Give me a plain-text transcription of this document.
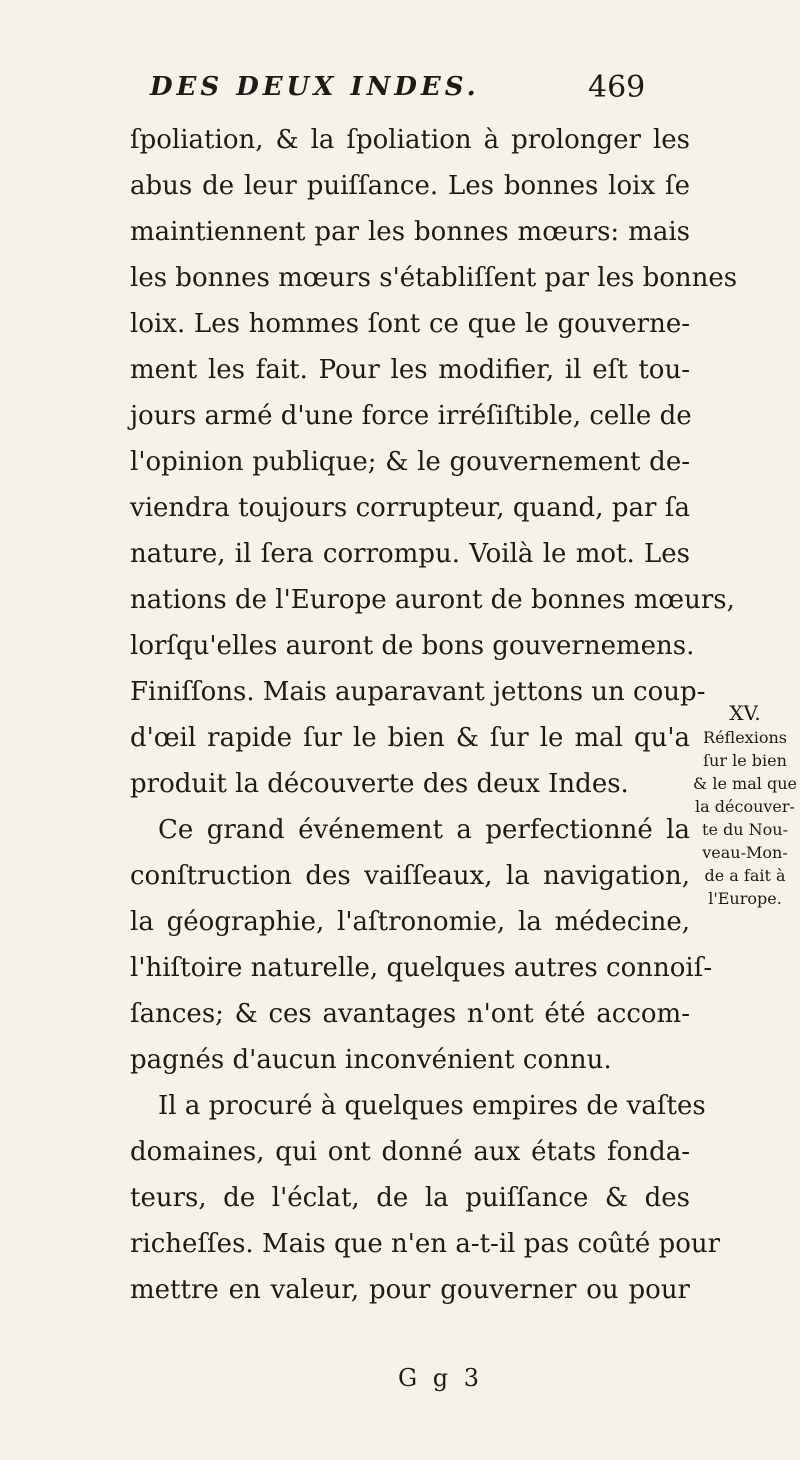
DES DEUX INDES.	469
ſpoliation, & la ſpoliation à prolonger les
abus de leur puiſſance. Les bonnes loix ſe
maintiennent par les bonnes mœurs: mais
les bonnes mœurs s'établiſſent par les bonnes
loix. Les hommes ſont ce que le gouverne-
ment les fait. Pour les modifier, il eſt tou-
jours armé d'une force irréſiſtible, celle de
l'opinion publique; & le gouvernement de-
viendra toujours corrupteur, quand, par ſa
nature, il ſera corrompu. Voilà le mot. Les
nations de l'Europe auront de bonnes mœurs,
lorſqu'elles auront de bons gouvernemens.
Finiſſons. Mais auparavant jettons un coup-
d'œil rapide ſur le bien & ſur le mal qu'a
produit la découverte des deux Indes.
Ce grand événement a perfectionné la
conſtruction des vaiſſeaux, la navigation,
la géographie, l'aſtronomie, la médecine,
l'hiſtoire naturelle, quelques autres connoiſ-
ſances; & ces avantages n'ont été accom-
pagnés d'aucun inconvénient connu.
Il a procuré à quelques empires de vaſtes
domaines, qui ont donné aux états fonda-
teurs, de l'éclat, de la puiſſance & des
richeſſes. Mais que n'en a-t-il pas coûté pour
mettre en valeur, pour gouverner ou pour
XV.
Réflexions
ſur le bien
& le mal que
la découver-
te du Nou-
veau-Mon-
de a fait à
l'Europe.
G g 3
